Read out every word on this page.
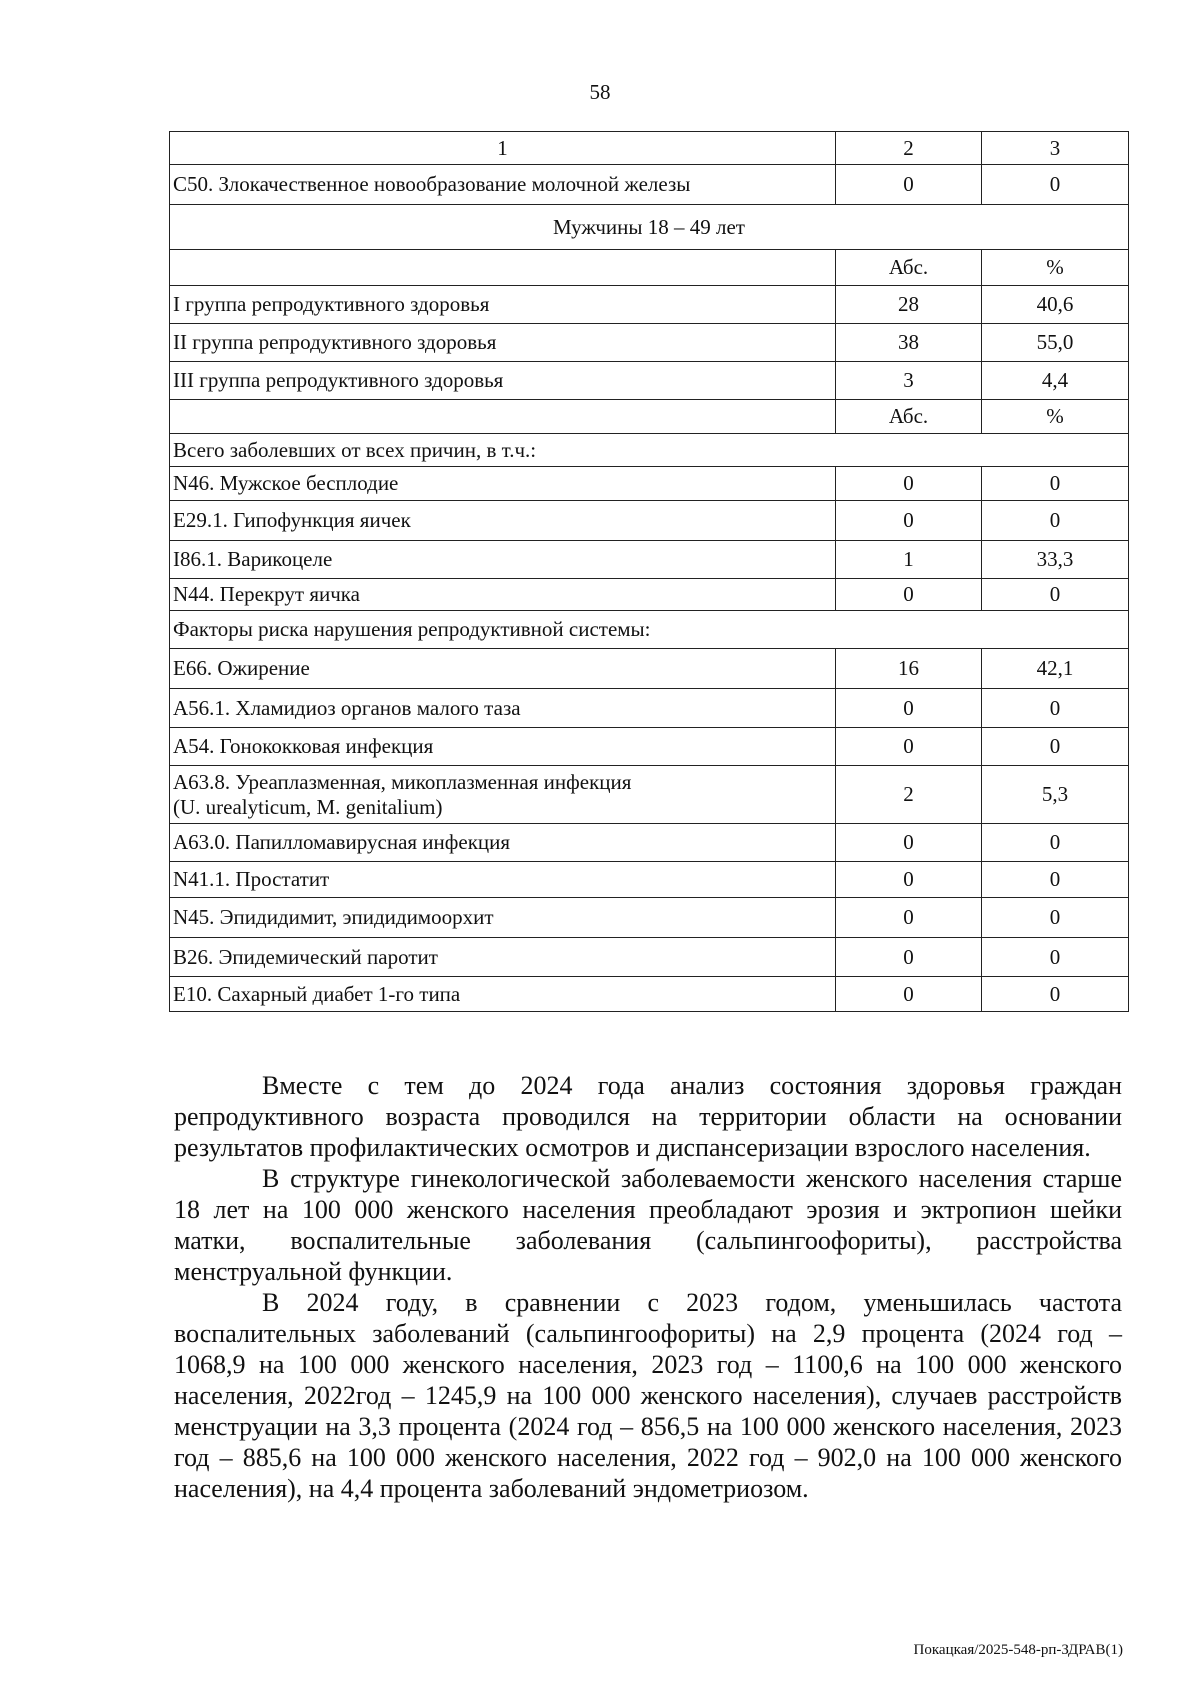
58
1	2	3
С50. Злокачественное новообразование молочной железы	0	0
Мужчины 18 – 49 лет		
	Абс.	%
I группа репродуктивного здоровья	28	40,6
II группа репродуктивного здоровья	38	55,0
III группа репродуктивного здоровья	3	4,4
	Абс.	%
Всего заболевших от всех причин, в т.ч.:		
N46. Мужское бесплодие	0	0
E29.1. Гипофункция яичек	0	0
I86.1. Варикоцеле	1	33,3
N44. Перекрут яичка	0	0
Факторы риска нарушения репродуктивной системы:		
E66. Ожирение	16	42,1
A56.1. Хламидиоз органов малого таза	0	0
A54. Гонококковая инфекция	0	0

A63.8. Уреаплазменная, микоплазменная инфекция
(U. urealyticum, M. genitalium)	2	5,3
A63.0. Папилломавирусная инфекция	0	0
N41.1. Простатит	0	0
N45. Эпидидимит, эпидидимоорхит	0	0
B26. Эпидемический паротит	0	0
E10. Сахарный диабет 1-го типа	0	0

Вместе с тем до 2024 года анализ состояния здоровья граждан репродуктивного возраста проводился на территории области на основании результатов профилактических осмотров и диспансеризации взрослого населения.

В структуре гинекологической заболеваемости женского населения старше 18 лет на 100 000 женского населения преобладают эрозия и эктропион шейки матки, воспалительные заболевания (сальпингоофориты), расстройства менструальной функции.

В 2024 году, в сравнении с 2023 годом, уменьшилась частота воспалительных заболеваний (сальпингоофориты) на 2,9 процента (2024 год – 1068,9 на 100 000 женского населения, 2023 год – 1100,6 на 100 000 женского населения, 2022год – 1245,9 на 100 000 женского населения), случаев расстройств менструации на 3,3 процента (2024 год – 856,5 на 100 000 женского населения, 2023 год – 885,6 на 100 000 женского населения, 2022 год – 902,0 на 100 000 женского населения), на 4,4 процента заболеваний эндометриозом.

Покацкая/2025-548-рп-ЗДРАВ(1)
